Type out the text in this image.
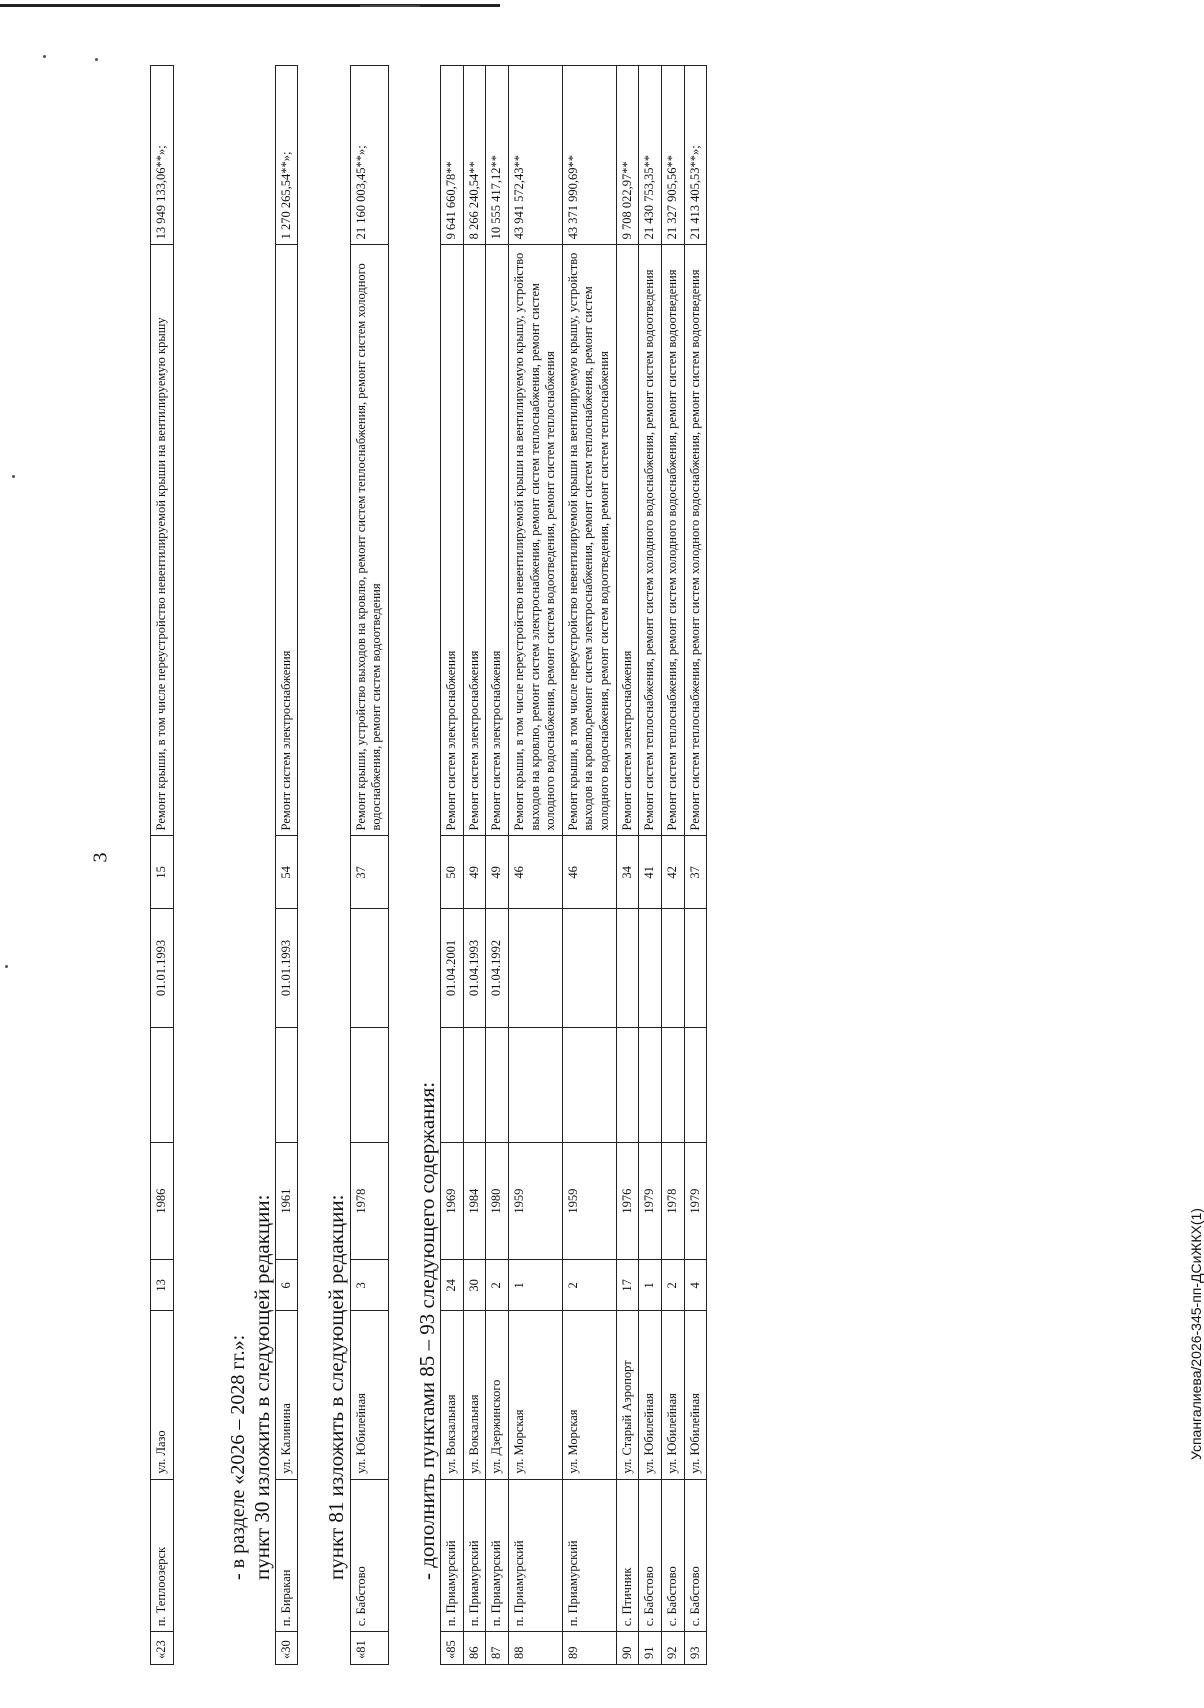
3
«23	п. Теплоозерск	ул. Лазо	13	1986		01.01.1993	15	Ремонт крыши, в том числе переустройство невентилируемой крыши на вентилируемую крышу	13 949 133,06**»;
- в разделе «2026 – 2028 гг.»: пункт 30 изложить в следующей редакции:
«30	п. Биракан	ул. Калинина	6	1961		01.01.1993	54	Ремонт систем электроснабжения	1 270 265,54**»;
пункт 81 изложить в следующей редакции:
«81	с. Бабстово	ул. Юбилейная	3	1978			37	Ремонт крыши, устройство выходов на кровлю, ремонт систем теплоснабжения, ремонт систем холодного водоснабжения, ремонт систем водоотведения	21 160 003,45**»;
- дополнить пунктами 85 – 93 следующего содержания:
«85	п. Приамурский	ул. Вокзальная	24	1969		01.04.2001	50	Ремонт систем электроснабжения	9 641 660,78**
86	п. Приамурский	ул. Вокзальная	30	1984		01.04.1993	49	Ремонт систем электроснабжения	8 266 240,54**
87	п. Приамурский	ул. Дзержинского	2	1980		01.04.1992	49	Ремонт систем электроснабжения	10 555 417,12**
88	п. Приамурский	ул. Морская	1	1959			46	Ремонт крыши, в том числе переустройство невентилируемой крыши на вентилируемую крышу, устройство выходов на кровлю, ремонт систем электроснабжения, ремонт систем теплоснабжения, ремонт систем холодного водоснабжения, ремонт систем водоотведения, ремонт систем теплоснабжения	43 941 572,43**
89	п. Приамурский	ул. Морская	2	1959			46	Ремонт крыши, в том числе переустройство невентилируемой крыши на вентилируемую крышу, устройство выходов на кровлю,ремонт систем электроснабжения, ремонт систем теплоснабжения, ремонт систем холодного водоснабжения, ремонт систем водоотведения, ремонт систем теплоснабжения	43 371 990,69**
90	с. Птичник	ул. Старый Аэропорт	17	1976			34	Ремонт систем электроснабжения	9 708 022,97**
91	с. Бабстово	ул. Юбилейная	1	1979			41	Ремонт систем теплоснабжения, ремонт систем холодного водоснабжения, ремонт систем водоотведения	21 430 753,35**
92	с. Бабстово	ул. Юбилейная	2	1978			42	Ремонт систем теплоснабжения, ремонт систем холодного водоснабжения, ремонт систем водоотведения	21 327 905,56**
93	с. Бабстово	ул. Юбилейная	4	1979			37	Ремонт систем теплоснабжения, ремонт систем холодного водоснабжения, ремонт систем водоотведения	21 413 405,53**»;
Успангалиева/2026-345-пп-ДСиЖКХ(1)
